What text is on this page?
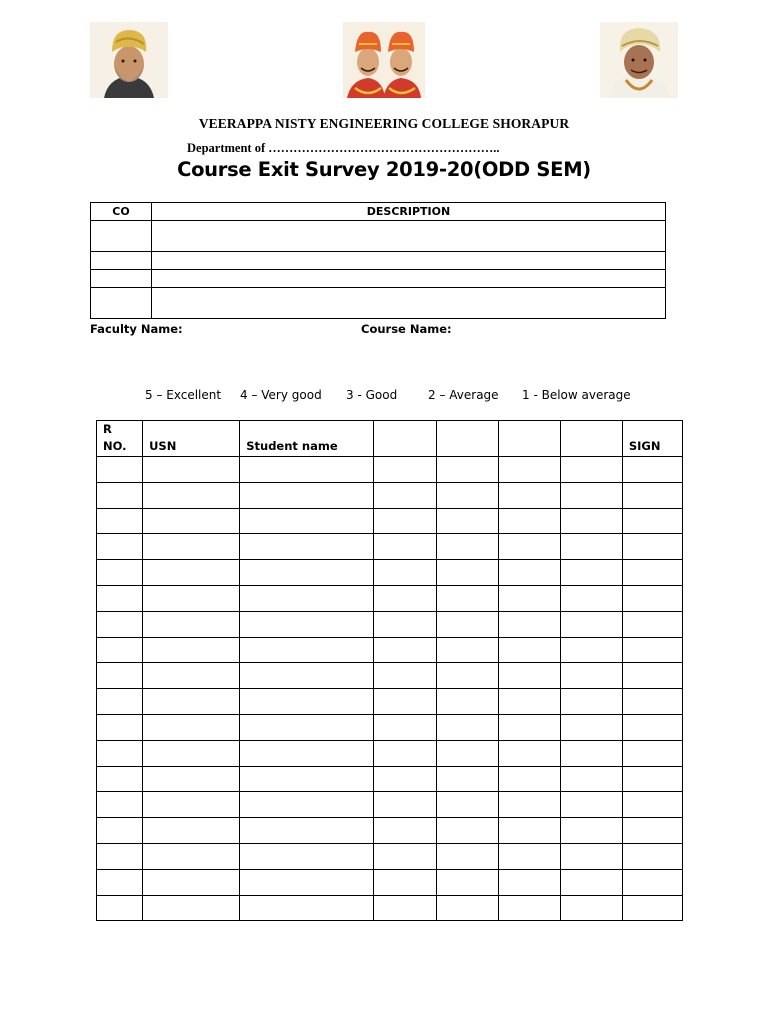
VEERAPPA NISTY ENGINEERING COLLEGE SHORAPUR
Department of ………………………………………………..
Course Exit Survey 2019-20(ODD SEM)
CO	DESCRIPTION

Faculty Name:	Course Name:
5 – Excellent 4 – Very good 3 - Good	2 – Average 1 - Below average
R
NO.	USN	Student name					SIGN
